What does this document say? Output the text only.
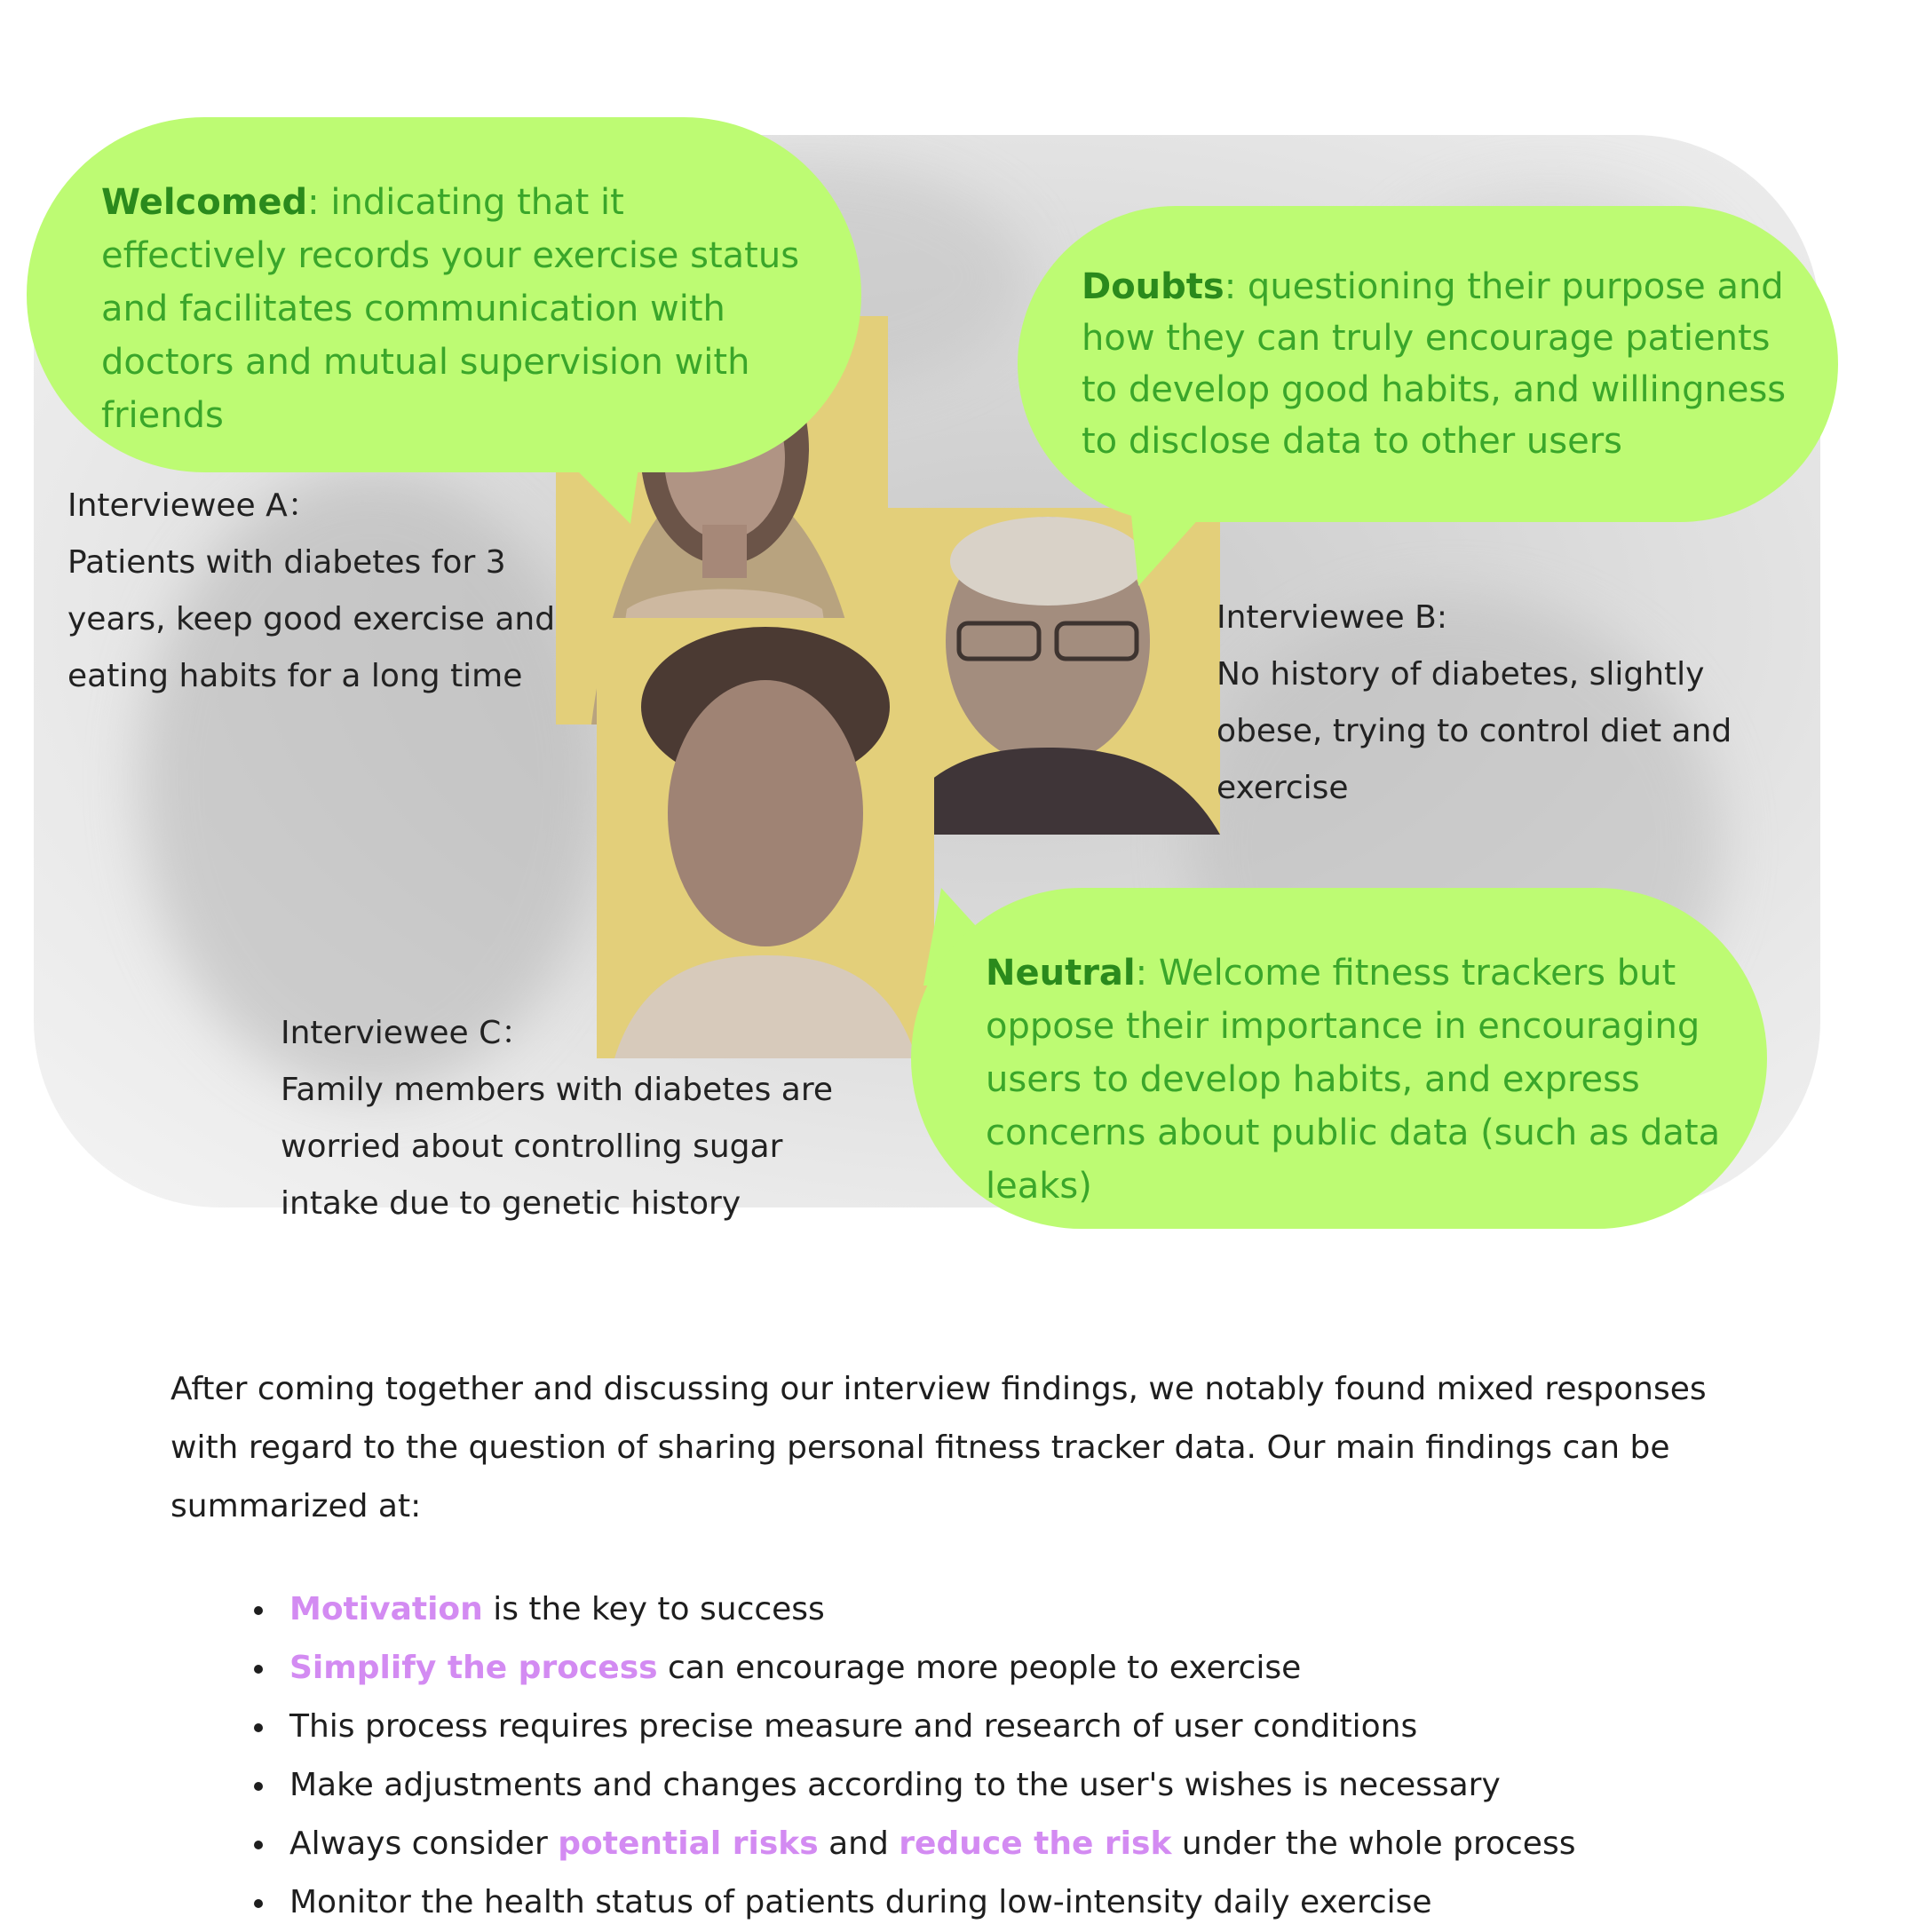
Welcomed: indicating that it effectively records your exercise status and facilitates communication with doctors and mutual supervision with friends
Doubts: questioning their purpose and how they can truly encourage patients to develop good habits, and willingness to disclose data to other users
Neutral: Welcome fitness trackers but oppose their importance in encouraging users to develop habits, and express concerns about public data (such as data leaks)
Interviewee A：
Patients with diabetes for 3 years, keep good exercise and eating habits for a long time
Interviewee B:
No history of diabetes, slightly obese, trying to control diet and exercise
Interviewee C：
Family members with diabetes are worried about controlling sugar intake due to genetic history

After coming together and discussing our interview findings, we notably found mixed responses with regard to the question of sharing personal fitness tracker data. Our main findings can be summarized at:

Motivation is the key to success
Simplify the process can encourage more people to exercise
This process requires precise measure and research of user conditions
Make adjustments and changes according to the user's wishes is necessary
Always consider potential risks and reduce the risk under the whole process
Monitor the health status of patients during low-intensity daily exercise
